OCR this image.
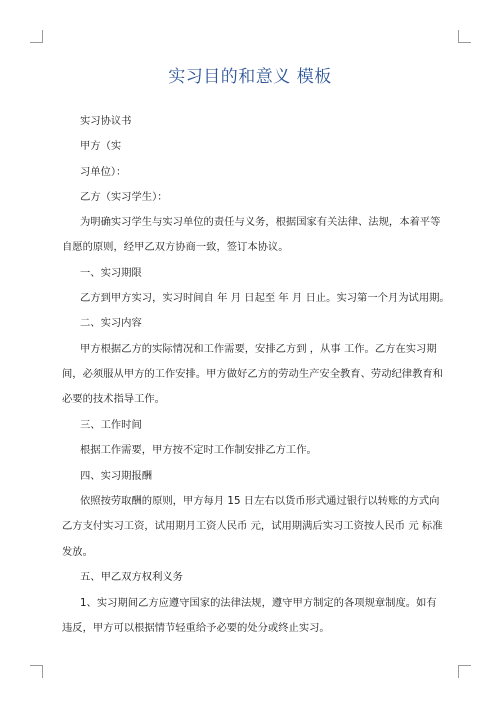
实习目的和意义 模板
实习协议书
甲方（实
习单位）：
乙方（实习学生）：
为明确实习学生与实习单位的责任与义务，根据国家有关法律、法规，本着平等
自愿的原则，经甲乙双方协商一致，签订本协议。
一、实习期限
乙方到甲方实习，实习时间自 年 月 日起至 年 月 日止。实习第一个月为试用期。
二、实习内容
甲方根据乙方的实际情况和工作需要，安排乙方到 ，从事 工作。乙方在实习期
间，必须服从甲方的工作安排。甲方做好乙方的劳动生产安全教育、劳动纪律教育和
必要的技术指导工作。
三、工作时间
根据工作需要，甲方按不定时工作制安排乙方工作。
四、实习期报酬
依照按劳取酬的原则，甲方每月 15 日左右以货币形式通过银行以转账的方式向
乙方支付实习工资，试用期月工资人民币 元，试用期满后实习工资按人民币 元 标准
发放。
五、甲乙双方权利义务
1、实习期间乙方应遵守国家的法律法规，遵守甲方制定的各项规章制度。如有
违反，甲方可以根据情节轻重给予必要的处分或终止实习。
